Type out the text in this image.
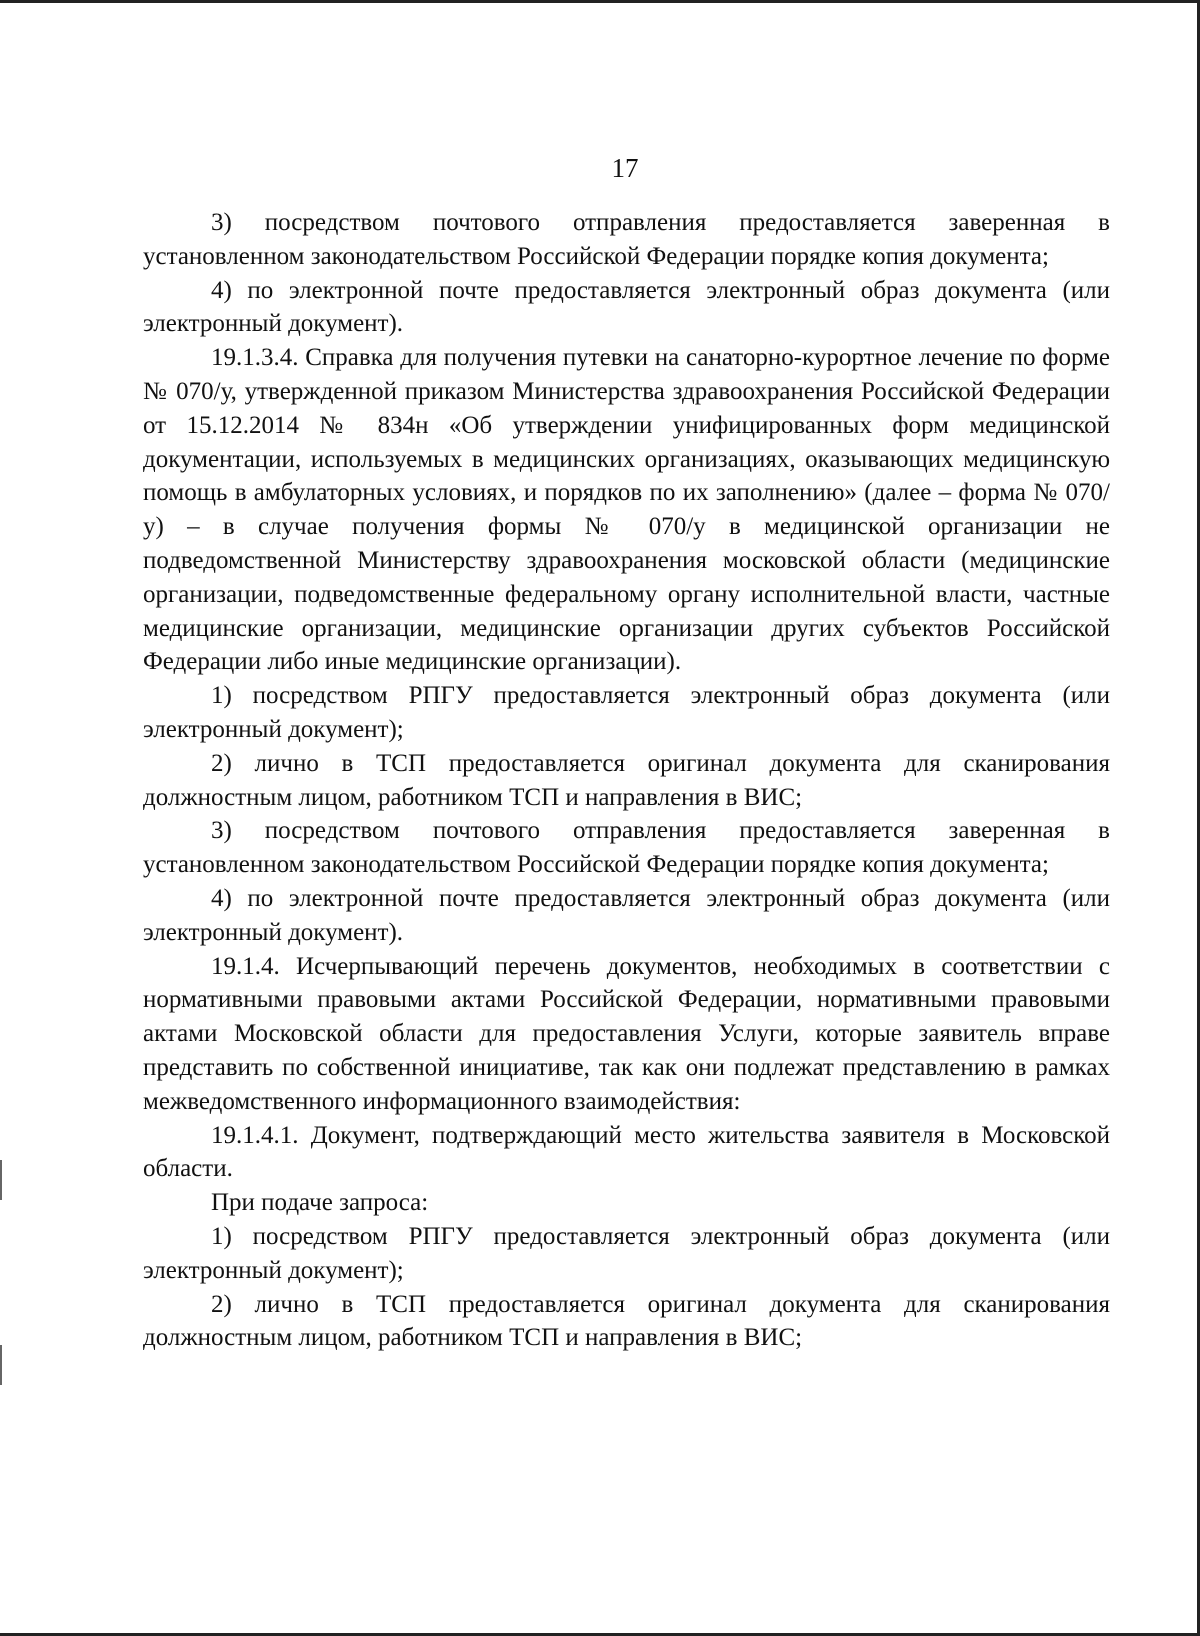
17

3) посредством почтового отправления предоставляется заверенная в установленном законодательством Российской Федерации порядке копия документа;

4) по электронной почте предоставляется электронный образ документа (или электронный документ).

19.1.3.4. Справка для получения путевки на санаторно-курортное лечение по форме № 070/у, утвержденной приказом Министерства здравоохранения Российской Федерации от 15.12.2014 № 834н «Об утверждении унифицированных форм медицинской документации, используемых в медицинских организациях, оказывающих медицинскую помощь в амбулаторных условиях, и порядков по их заполнению» (далее – форма № 070/у) – в случае получения формы № 070/у в медицинской организации не подведомственной Министерству здравоохранения московской области (медицинские организации, подведомственные федеральному органу исполнительной власти, частные медицинские организации, медицинские организации других субъектов Российской Федерации либо иные медицинские организации).

1) посредством РПГУ предоставляется электронный образ документа (или электронный документ);

2) лично в ТСП предоставляется оригинал документа для сканирования должностным лицом, работником ТСП и направления в ВИС;

3) посредством почтового отправления предоставляется заверенная в установленном законодательством Российской Федерации порядке копия документа;

4) по электронной почте предоставляется электронный образ документа (или электронный документ).

19.1.4. Исчерпывающий перечень документов, необходимых в соответствии с нормативными правовыми актами Российской Федерации, нормативными правовыми актами Московской области для предоставления Услуги, которые заявитель вправе представить по собственной инициативе, так как они подлежат представлению в рамках межведомственного информационного взаимодействия:

19.1.4.1. Документ, подтверждающий место жительства заявителя в Московской области.

При подаче запроса:

1) посредством РПГУ предоставляется электронный образ документа (или электронный документ);

2) лично в ТСП предоставляется оригинал документа для сканирования должностным лицом, работником ТСП и направления в ВИС;
